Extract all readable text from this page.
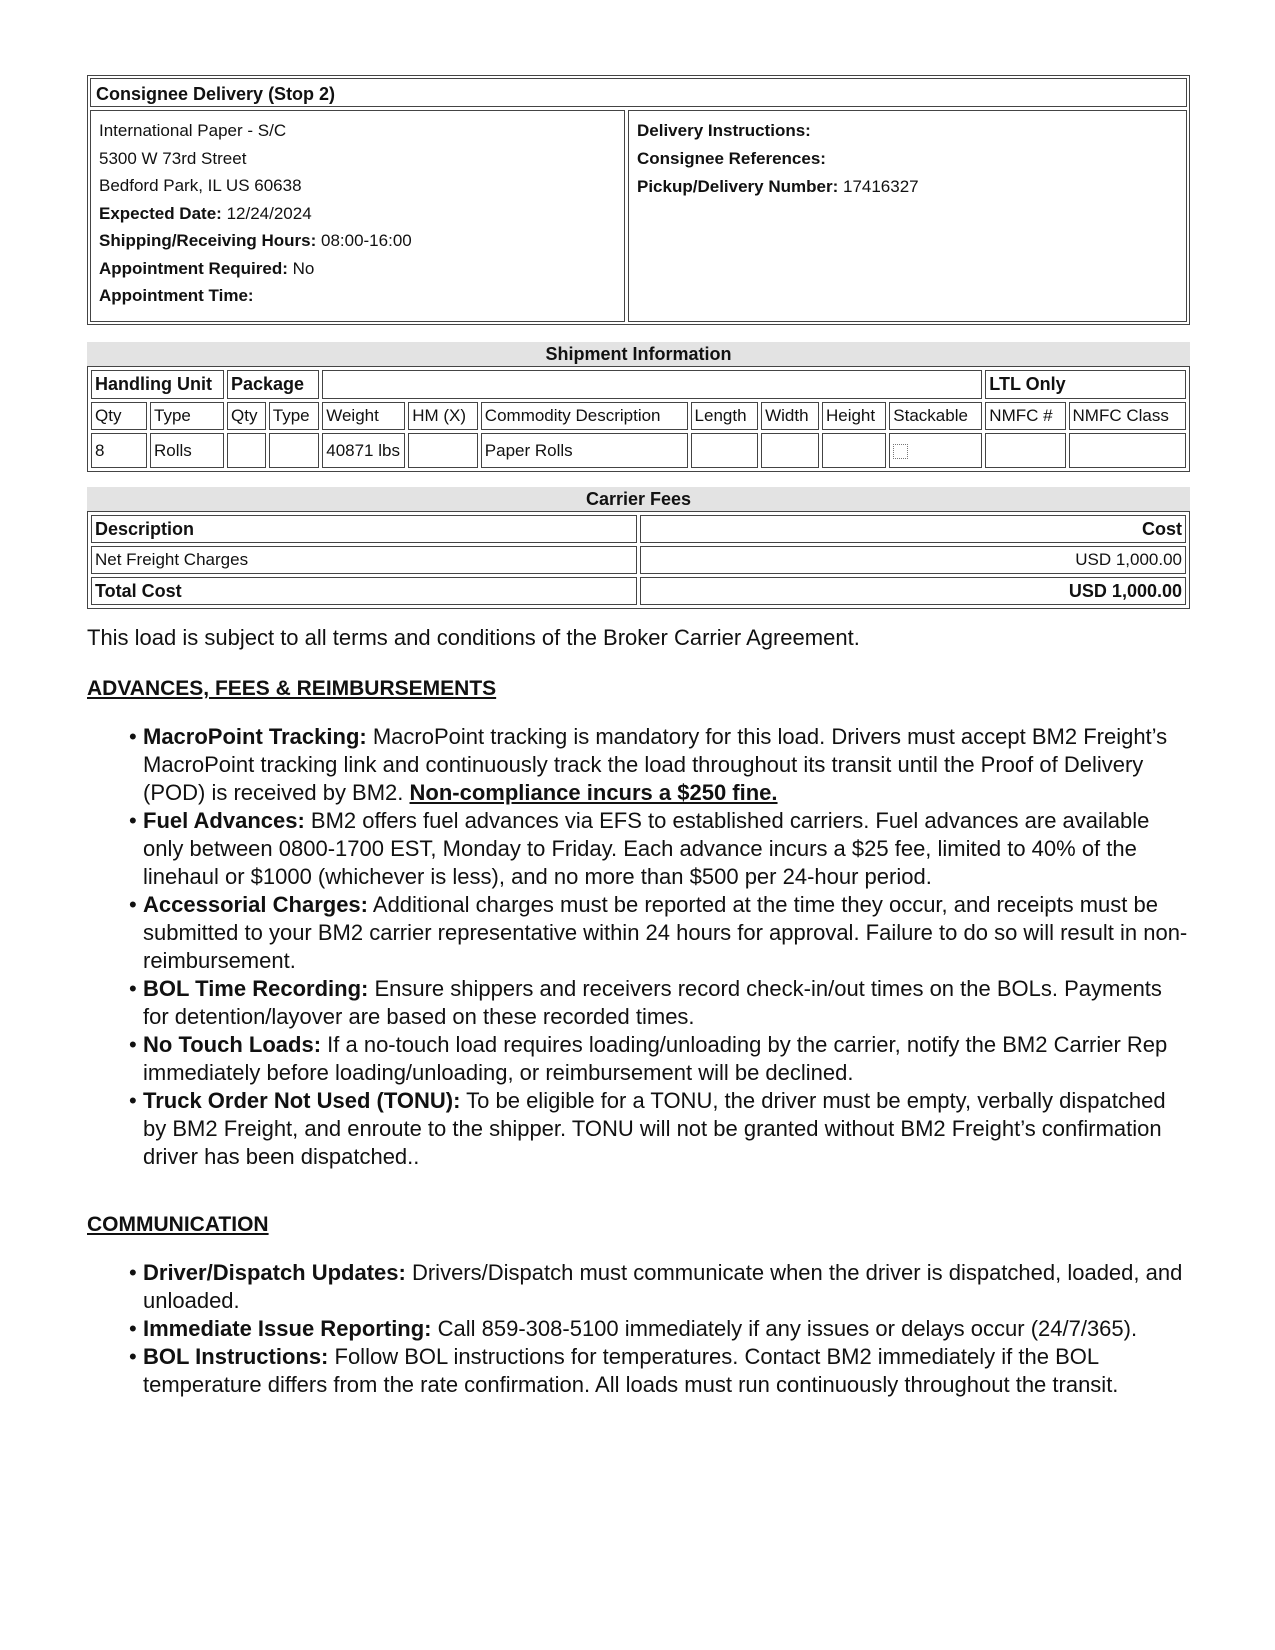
Consignee Delivery (Stop 2)
International Paper - S/C
5300 W 73rd Street
Bedford Park, IL US 60638
Expected Date: 12/24/2024
Shipping/Receiving Hours: 08:00-16:00
Appointment Required: No
Appointment Time:
Delivery Instructions:
Consignee References:
Pickup/Delivery Number: 17416327
Shipment Information
Handling Unit		Package									LTL Only	
Qty	Type	Qty	Type	Weight	HM (X)	Commodity Description	Length	Width	Height	Stackable	NMFC #	NMFC Class
8	Rolls			40871 lbs		Paper Rolls						
Carrier Fees
Description	Cost
Net Freight Charges	USD 1,000.00
Total Cost	USD 1,000.00

This load is subject to all terms and conditions of the Broker Carrier Agreement.

ADVANCES, FEES & REIMBURSEMENTS

• MacroPoint Tracking: MacroPoint tracking is mandatory for this load. Drivers must accept BM2 Freight’s MacroPoint tracking link and continuously track the load throughout its transit until the Proof of Delivery (POD) is received by BM2. Non-compliance incurs a $250 fine.
• Fuel Advances: BM2 offers fuel advances via EFS to established carriers. Fuel advances are available only between 0800-1700 EST, Monday to Friday. Each advance incurs a $25 fee, limited to 40% of the linehaul or $1000 (whichever is less), and no more than $500 per 24-hour period.
• Accessorial Charges: Additional charges must be reported at the time they occur, and receipts must be submitted to your BM2 carrier representative within 24 hours for approval. Failure to do so will result in non-reimbursement.
• BOL Time Recording: Ensure shippers and receivers record check-in/out times on the BOLs. Payments for detention/layover are based on these recorded times.
• No Touch Loads: If a no-touch load requires loading/unloading by the carrier, notify the BM2 Carrier Rep immediately before loading/unloading, or reimbursement will be declined.
• Truck Order Not Used (TONU): To be eligible for a TONU, the driver must be empty, verbally dispatched by BM2 Freight, and enroute to the shipper. TONU will not be granted without BM2 Freight’s confirmation driver has been dispatched..

COMMUNICATION

• Driver/Dispatch Updates: Drivers/Dispatch must communicate when the driver is dispatched, loaded, and unloaded.
• Immediate Issue Reporting: Call 859-308-5100 immediately if any issues or delays occur (24/7/365).
• BOL Instructions: Follow BOL instructions for temperatures. Contact BM2 immediately if the BOL temperature differs from the rate confirmation. All loads must run continuously throughout the transit.
